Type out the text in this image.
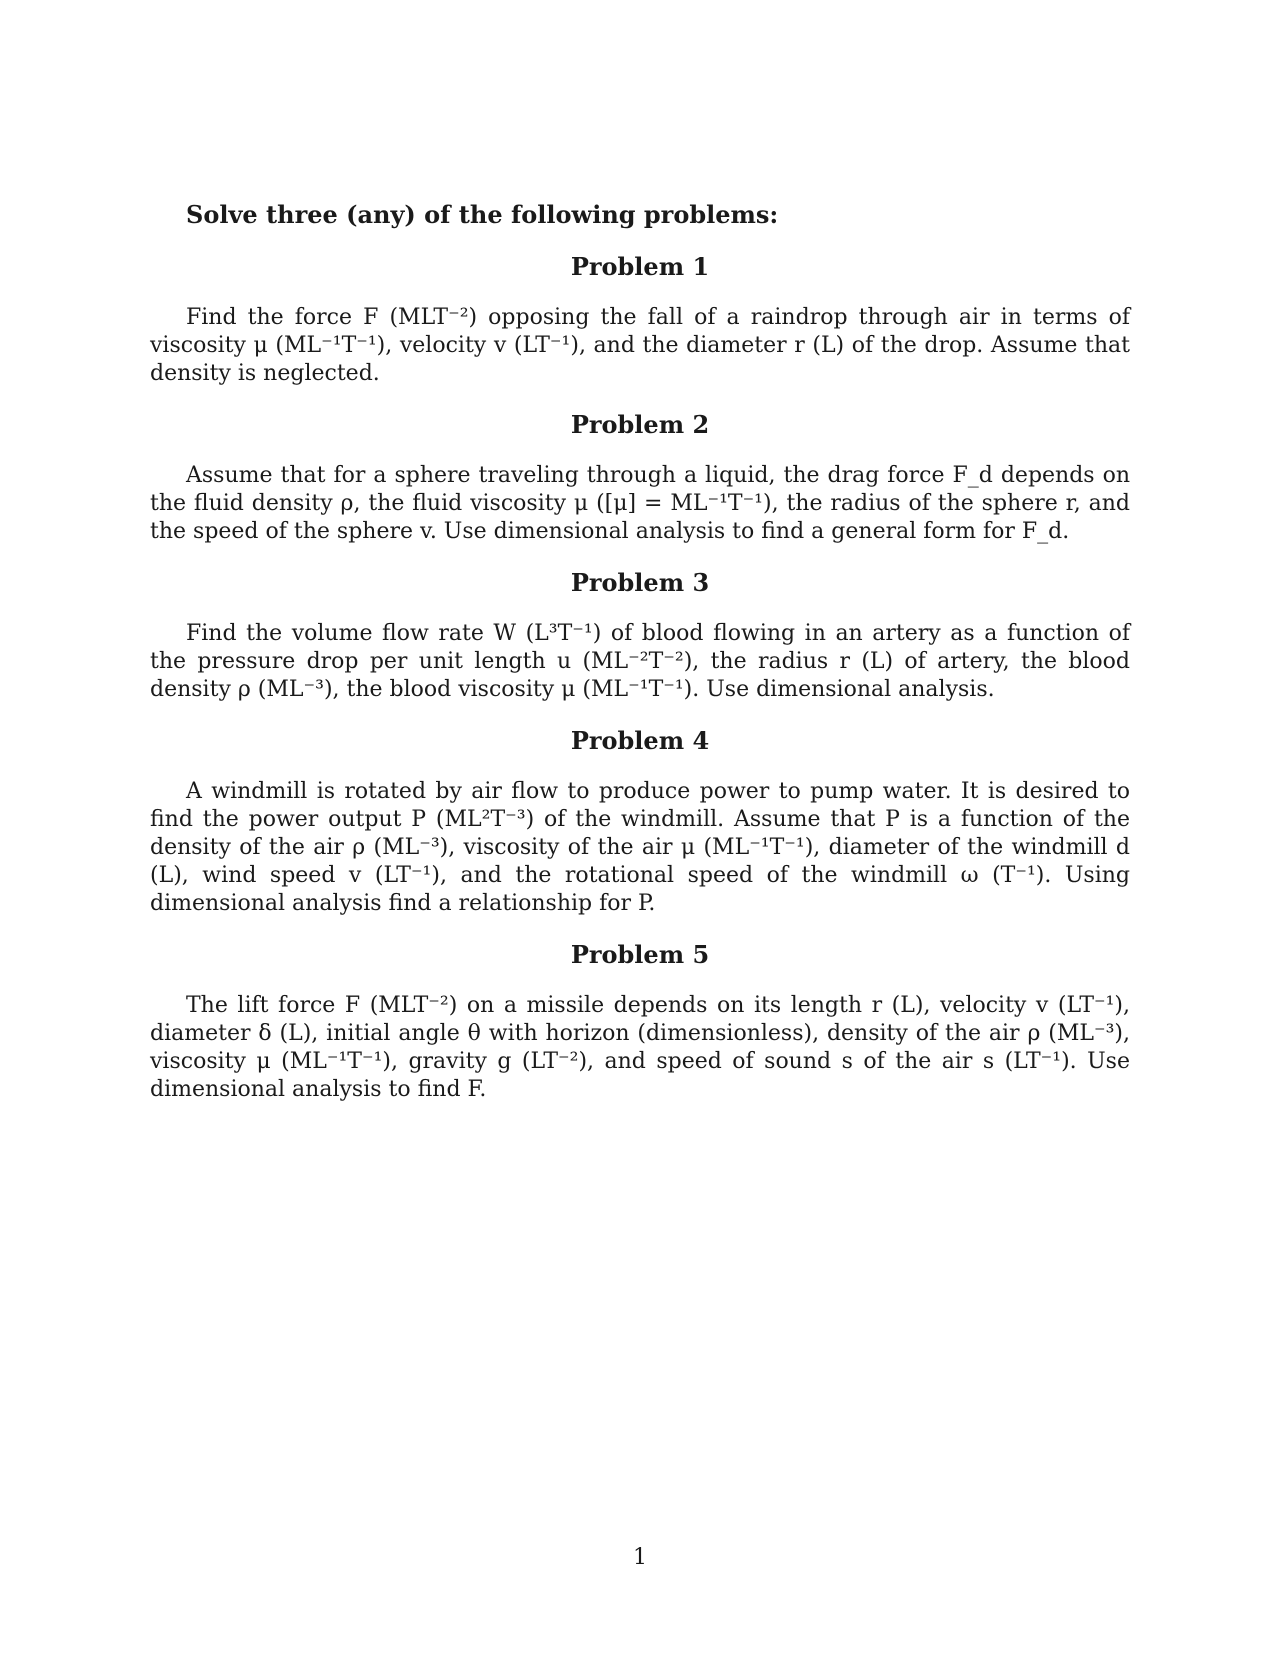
Solve three (any) of the following problems:

Problem 1

Find the force F (MLT⁻²) opposing the fall of a raindrop through air in terms of viscosity μ (ML⁻¹T⁻¹), velocity v (LT⁻¹), and the diameter r (L) of the drop. Assume that density is neglected.

Problem 2

Assume that for a sphere traveling through a liquid, the drag force F_d depends on the fluid density ρ, the fluid viscosity μ ([μ] = ML⁻¹T⁻¹), the radius of the sphere r, and the speed of the sphere v. Use dimensional analysis to find a general form for F_d.

Problem 3

Find the volume flow rate W (L³T⁻¹) of blood flowing in an artery as a function of the pressure drop per unit length u (ML⁻²T⁻²), the radius r (L) of artery, the blood density ρ (ML⁻³), the blood viscosity μ (ML⁻¹T⁻¹). Use dimensional analysis.

Problem 4

A windmill is rotated by air flow to produce power to pump water. It is desired to find the power output P (ML²T⁻³) of the windmill. Assume that P is a function of the density of the air ρ (ML⁻³), viscosity of the air μ (ML⁻¹T⁻¹), diameter of the windmill d (L), wind speed v (LT⁻¹), and the rotational speed of the windmill ω (T⁻¹). Using dimensional analysis find a relationship for P.

Problem 5

The lift force F (MLT⁻²) on a missile depends on its length r (L), velocity v (LT⁻¹), diameter δ (L), initial angle θ with horizon (dimensionless), density of the air ρ (ML⁻³), viscosity μ (ML⁻¹T⁻¹), gravity g (LT⁻²), and speed of sound s of the air s (LT⁻¹). Use dimensional analysis to find F.

1
